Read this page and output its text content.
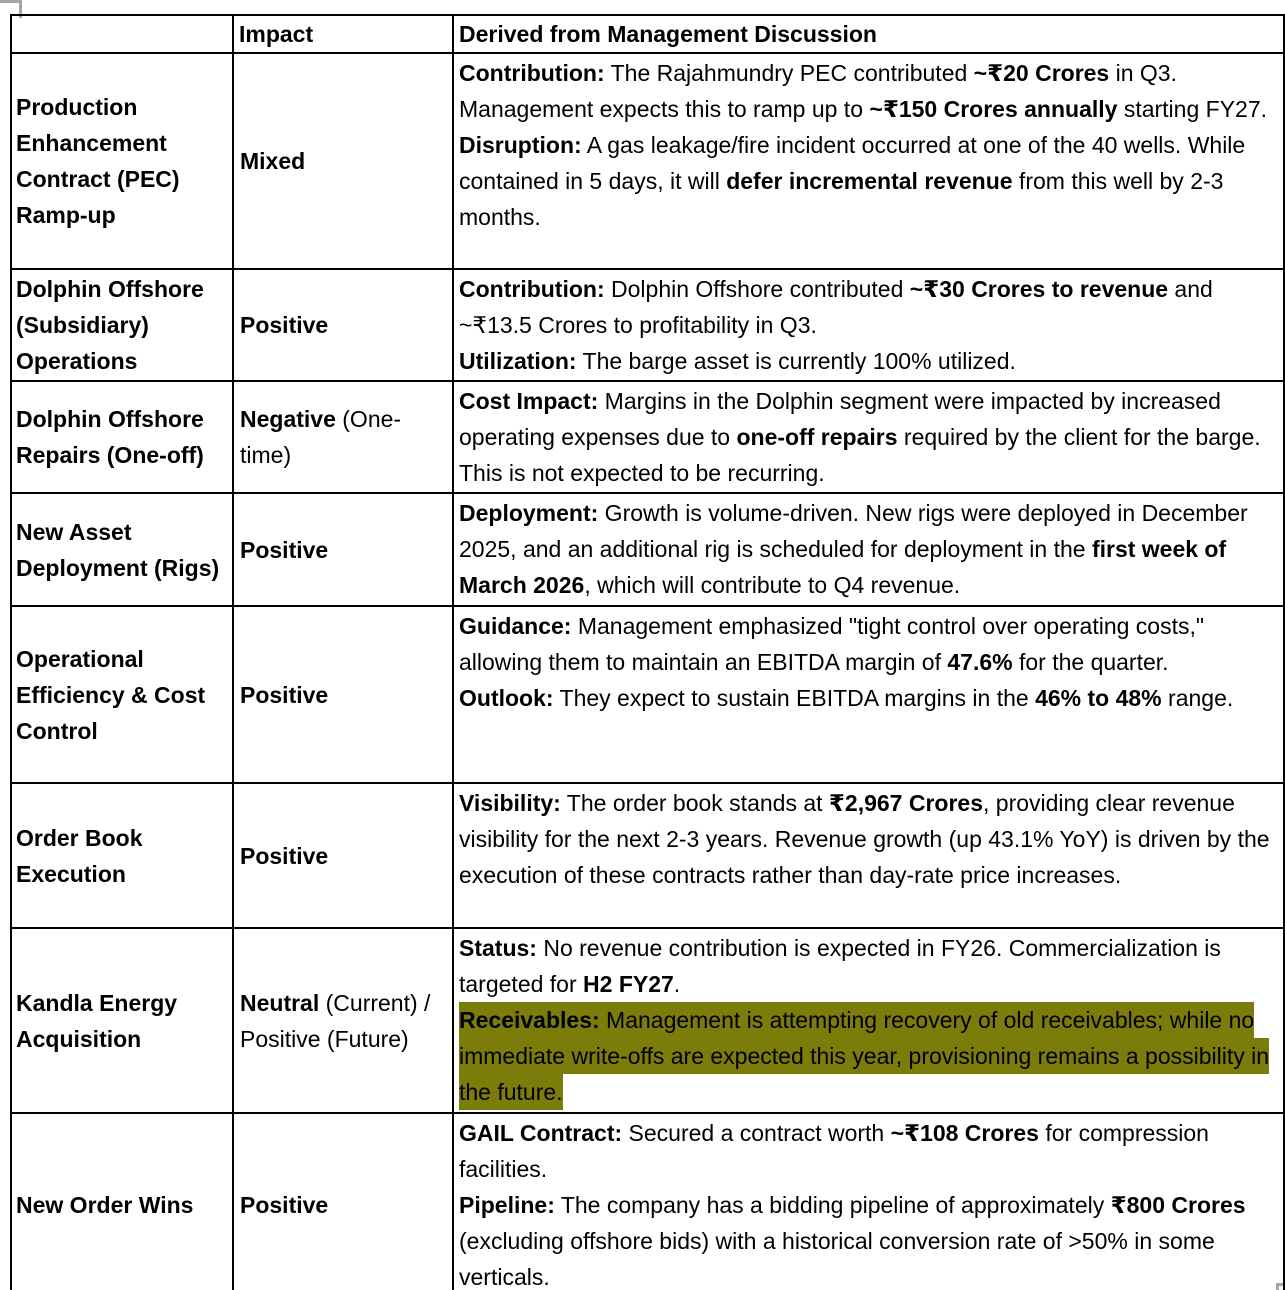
	Impact	Derived from Management Discussion
Production Enhancement Contract (PEC) Ramp-up	Mixed	Contribution: The Rajahmundry PEC contributed ~₹20 Crores in Q3. Management expects this to ramp up to ~₹150 Crores annually starting FY27.
Disruption: A gas leakage/fire incident occurred at one of the 40 wells. While contained in 5 days, it will defer incremental revenue from this well by 2-3 months.

Dolphin Offshore (Subsidiary) Operations	Positive	Contribution: Dolphin Offshore contributed ~₹30 Crores to revenue and ~₹13.5 Crores to profitability in Q3.
Utilization: The barge asset is currently 100% utilized.

Dolphin Offshore Repairs (One-off)	Negative (One-time)	Cost Impact: Margins in the Dolphin segment were impacted by increased operating expenses due to one-off repairs required by the client for the barge. This is not expected to be recurring.

New Asset Deployment (Rigs)	Positive	Deployment: Growth is volume-driven. New rigs were deployed in December 2025, and an additional rig is scheduled for deployment in the first week of March 2026, which will contribute to Q4 revenue.

Operational Efficiency & Cost Control	Positive	Guidance: Management emphasized "tight control over operating costs," allowing them to maintain an EBITDA margin of 47.6% for the quarter.
Outlook: They expect to sustain EBITDA margins in the 46% to 48% range.

Order Book Execution	Positive	Visibility: The order book stands at ₹2,967 Crores, providing clear revenue visibility for the next 2-3 years. Revenue growth (up 43.1% YoY) is driven by the execution of these contracts rather than day-rate price increases.

Kandla Energy Acquisition	Neutral (Current) / Positive (Future)	Status: No revenue contribution is expected in FY26. Commercialization is targeted for H2 FY27.
Receivables: Management is attempting recovery of old receivables; while no immediate write-offs are expected this year, provisioning remains a possibility in the future.

New Order Wins	Positive	GAIL Contract: Secured a contract worth ~₹108 Crores for compression facilities.
Pipeline: The company has a bidding pipeline of approximately ₹800 Crores (excluding offshore bids) with a historical conversion rate of >50% in some verticals.
